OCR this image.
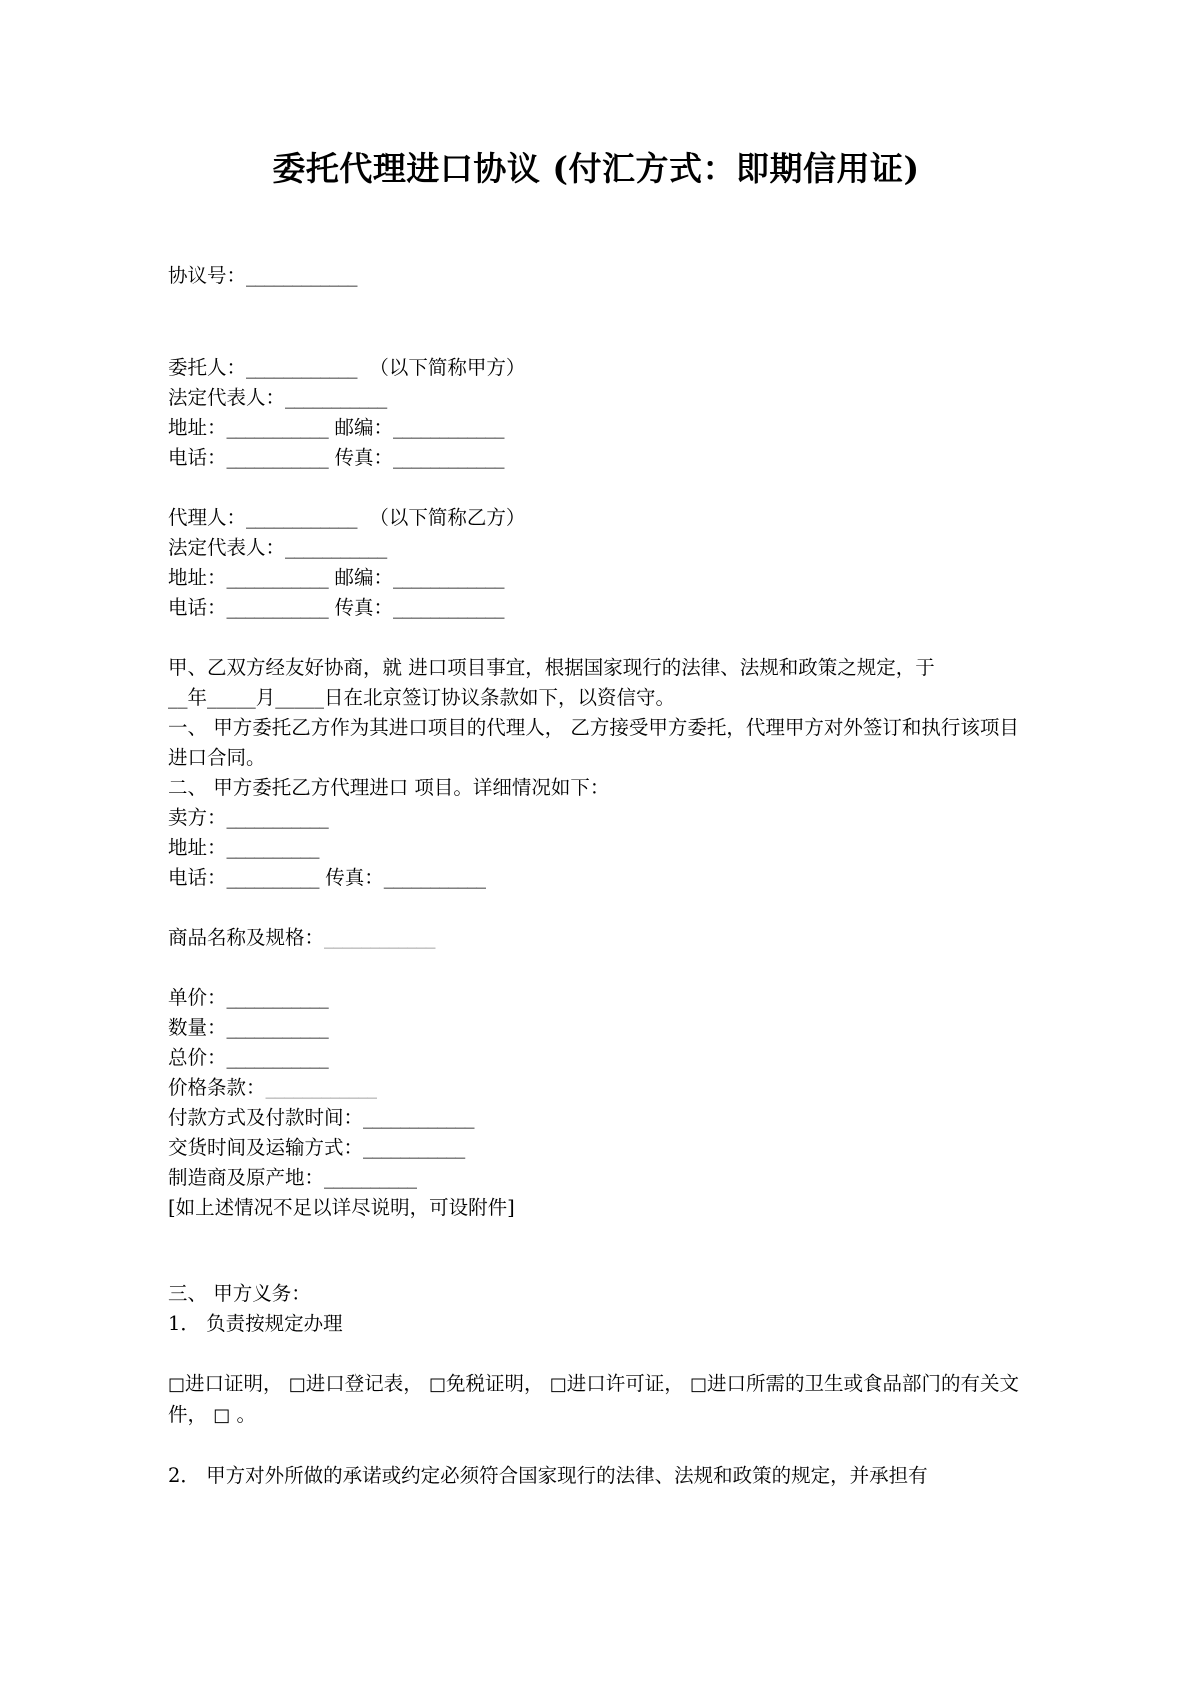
委托代理进口协议 (付汇方式：即期信用证)
协议号：____________
委托人：____________ （以下简称甲方）
法定代表人：___________
地址：___________ 邮编：____________
电话：___________ 传真：____________
代理人：____________ （以下简称乙方）
法定代表人：___________
地址：___________ 邮编：____________
电话：___________ 传真：____________
甲、乙双方经友好协商，就 进口项目事宜，根据国家现行的法律、法规和政策之规定，于
__年_____月_____日在北京签订协议条款如下，以资信守。
一、 甲方委托乙方作为其进口项目的代理人， 乙方接受甲方委托，代理甲方对外签订和执行该项目进口合同。
二、 甲方委托乙方代理进口 项目。详细情况如下：
卖方：___________
地址：__________
电话：__________ 传真：___________
商品名称及规格：____________
单价：___________
数量：___________
总价：___________
价格条款：____________
付款方式及付款时间：____________
交货时间及运输方式：___________
制造商及原产地：__________
[如上述情况不足以详尽说明，可设附件]
三、 甲方义务：
1． 负责按规定办理
□进口证明， □进口登记表， □免税证明， □进口许可证， □进口所需的卫生或食品部门的有关文件， □ 。
2． 甲方对外所做的承诺或约定必须符合国家现行的法律、法规和政策的规定，并承担有
